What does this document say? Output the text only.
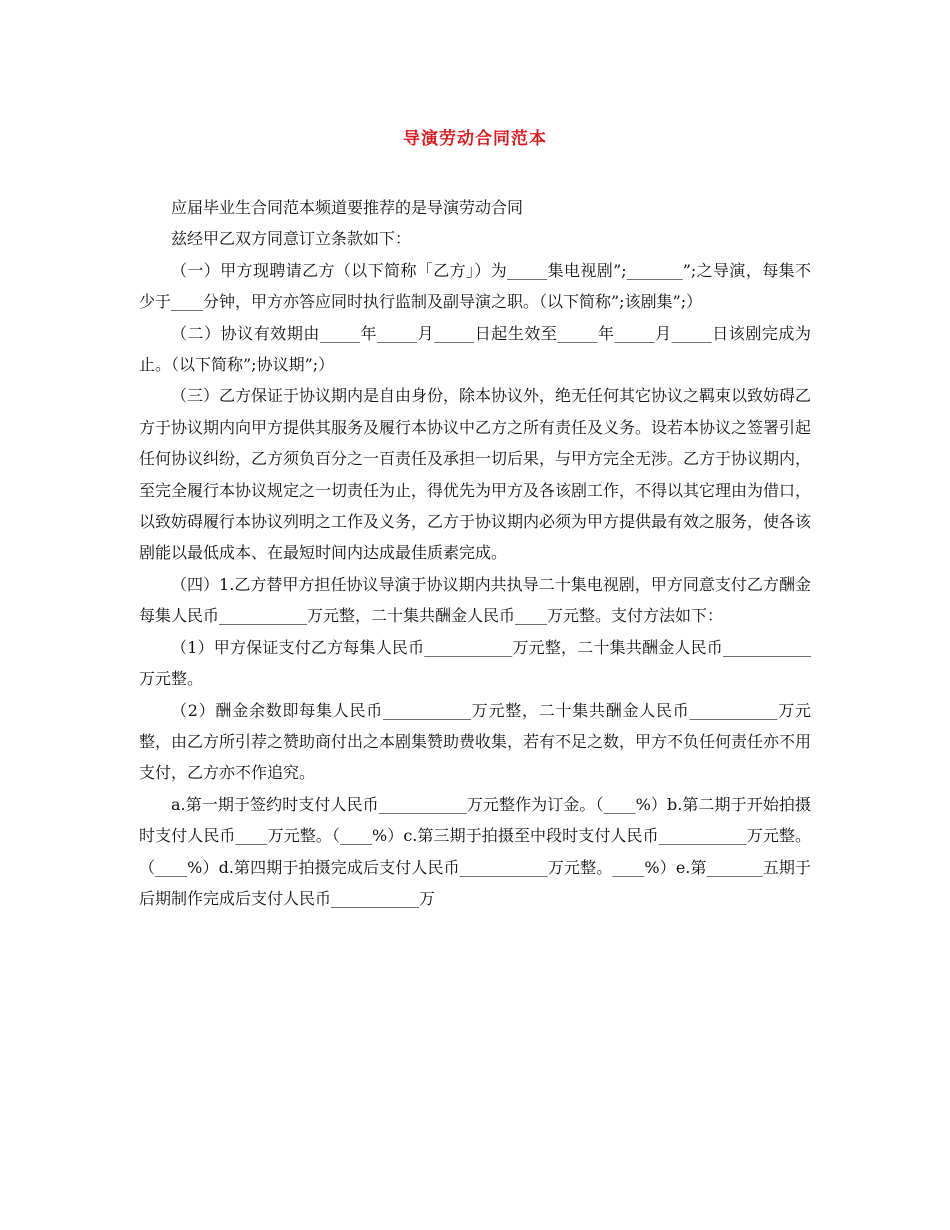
导演劳动合同范本

应届毕业生合同范本频道要推荐的是导演劳动合同

兹经甲乙双方同意订立条款如下：

（一）甲方现聘请乙方（以下简称「乙方」）为_____集电视剧”;_______”;之导演，每集不少于____分钟，甲方亦答应同时执行监制及副导演之职。（以下简称”;该剧集”;）

（二）协议有效期由_____年_____月_____日起生效至_____年_____月_____日该剧完成为止。（以下简称”;协议期”;）

（三）乙方保证于协议期内是自由身份，除本协议外，绝无任何其它协议之羁束以致妨碍乙方于协议期内向甲方提供其服务及履行本协议中乙方之所有责任及义务。设若本协议之签署引起任何协议纠纷，乙方须负百分之一百责任及承担一切后果，与甲方完全无涉。乙方于协议期内，至完全履行本协议规定之一切责任为止，得优先为甲方及各该剧工作，不得以其它理由为借口，以致妨碍履行本协议列明之工作及义务，乙方于协议期内必须为甲方提供最有效之服务，使各该剧能以最低成本、在最短时间内达成最佳质素完成。

（四）1.乙方替甲方担任协议导演于协议期内共执导二十集电视剧，甲方同意支付乙方酬金每集人民币___________万元整，二十集共酬金人民币____万元整。支付方法如下：

（1）甲方保证支付乙方每集人民币___________万元整，二十集共酬金人民币___________万元整。

（2）酬金余数即每集人民币___________万元整，二十集共酬金人民币___________万元整，由乙方所引荐之赞助商付出之本剧集赞助费收集，若有不足之数，甲方不负任何责任亦不用支付，乙方亦不作追究。

a.第一期于签约时支付人民币___________万元整作为订金。（____%）b.第二期于开始拍摄时支付人民币____万元整。（____%）c.第三期于拍摄至中段时支付人民币___________万元整。（____%）d.第四期于拍摄完成后支付人民币___________万元整。____%）e.第_______五期于后期制作完成后支付人民币___________万
